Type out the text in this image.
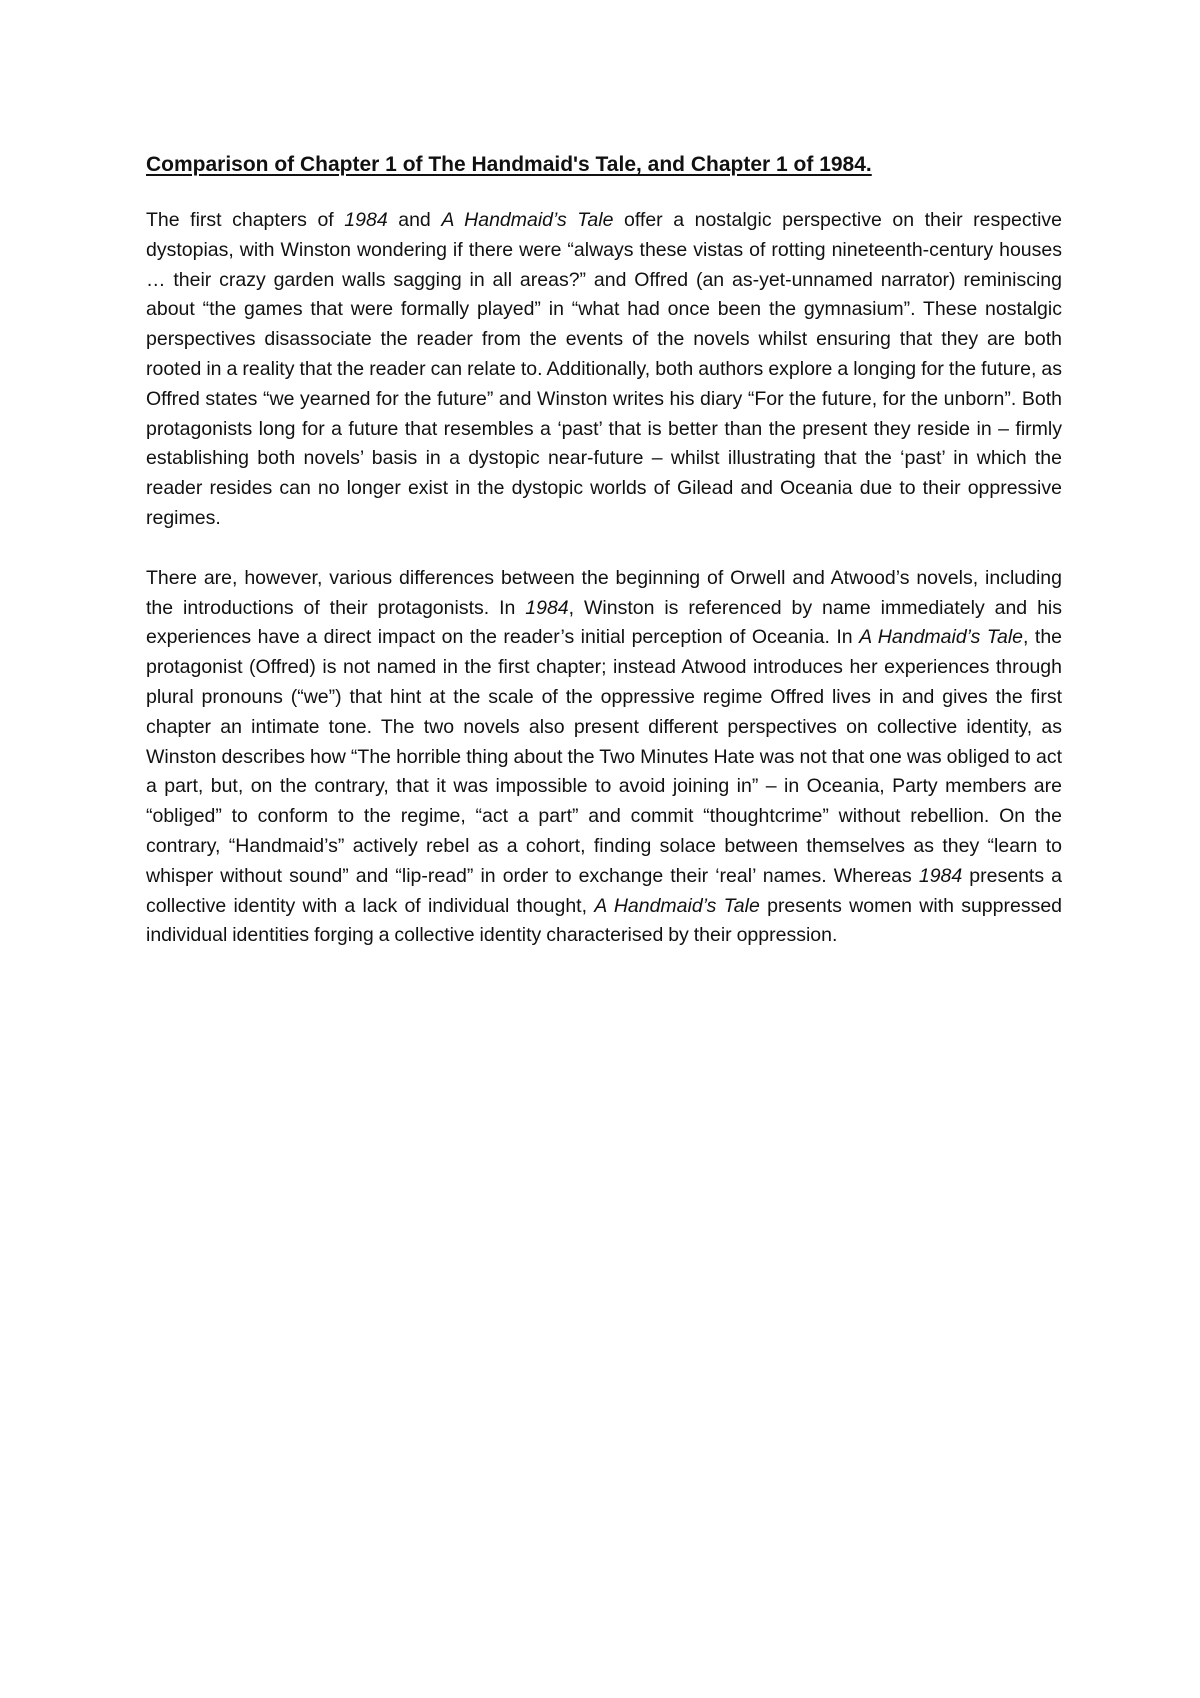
Comparison of Chapter 1 of The Handmaid's Tale, and Chapter 1 of 1984.

The first chapters of 1984 and A Handmaid’s Tale offer a nostalgic perspective on their respective dystopias, with Winston wondering if there were “always these vistas of rotting nineteenth-century houses … their crazy garden walls sagging in all areas?” and Offred (an as-yet-unnamed narrator) reminiscing about “the games that were formally played” in “what had once been the gymnasium”. These nostalgic perspectives disassociate the reader from the events of the novels whilst ensuring that they are both rooted in a reality that the reader can relate to. Additionally, both authors explore a longing for the future, as Offred states “we yearned for the future” and Winston writes his diary “For the future, for the unborn”. Both protagonists long for a future that resembles a ‘past’ that is better than the present they reside in – firmly establishing both novels’ basis in a dystopic near-future – whilst illustrating that the ‘past’ in which the reader resides can no longer exist in the dystopic worlds of Gilead and Oceania due to their oppressive regimes.

There are, however, various differences between the beginning of Orwell and Atwood’s novels, including the introductions of their protagonists. In 1984, Winston is referenced by name immediately and his experiences have a direct impact on the reader’s initial perception of Oceania. In A Handmaid’s Tale, the protagonist (Offred) is not named in the first chapter; instead Atwood introduces her experiences through plural pronouns (“we”) that hint at the scale of the oppressive regime Offred lives in and gives the first chapter an intimate tone. The two novels also present different perspectives on collective identity, as Winston describes how “The horrible thing about the Two Minutes Hate was not that one was obliged to act a part, but, on the contrary, that it was impossible to avoid joining in” – in Oceania, Party members are “obliged” to conform to the regime, “act a part” and commit “thoughtcrime” without rebellion. On the contrary, “Handmaid’s” actively rebel as a cohort, finding solace between themselves as they “learn to whisper without sound” and “lip-read” in order to exchange their ‘real’ names. Whereas 1984 presents a collective identity with a lack of individual thought, A Handmaid’s Tale presents women with suppressed individual identities forging a collective identity characterised by their oppression.
